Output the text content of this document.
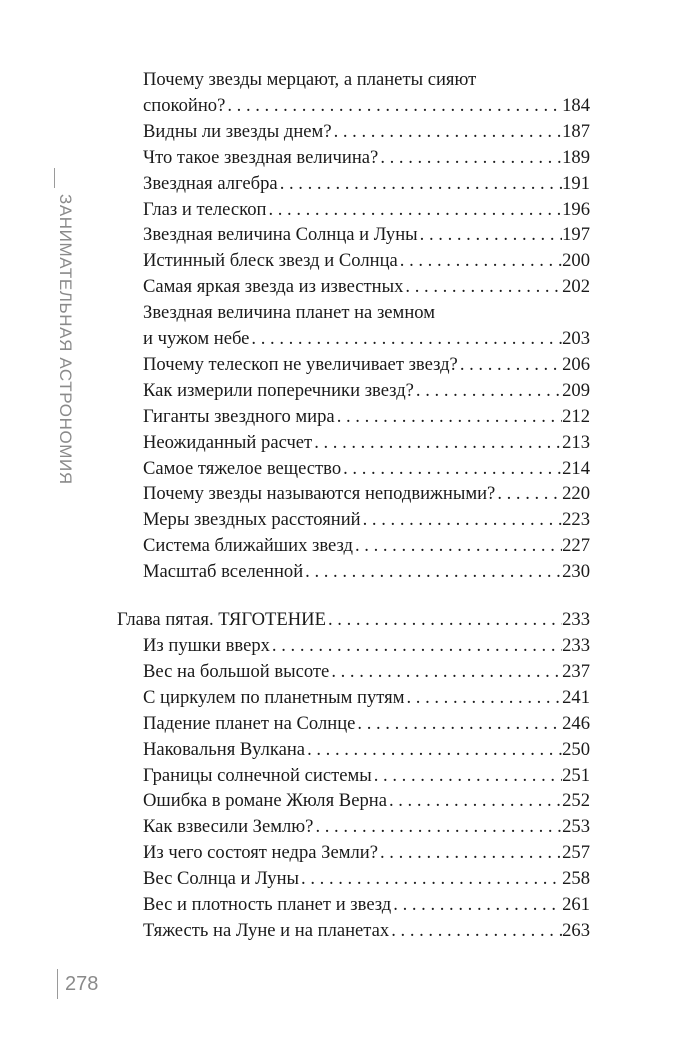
ЗАНИМАТЕЛЬНАЯ АСТРОНОМИЯ
278
Почему звезды мерцают, а планеты сияют
спокойно? . . .	184
Видны ли звезды днем? . . .	187
Что такое звездная величина? . . .	189
Звездная алгебра . . .	191
Глаз и телескоп . . .	196
Звездная величина Солнца и Луны . . .	197
Истинный блеск звезд и Солнца . . .	200
Самая яркая звезда из известных . . .	202
Звездная величина планет на земном
и чужом небе . . .	203
Почему телескоп не увеличивает звезд? . . .	206
Как измерили поперечники звезд? . . .	209
Гиганты звездного мира . . .	212
Неожиданный расчет . . .	213
Самое тяжелое вещество . . .	214
Почему звезды называются неподвижными? . . .	220
Меры звездных расстояний . . .	223
Система ближайших звезд . . .	227
Масштаб вселенной . . .	230
Глава пятая. ТЯГОТЕНИЕ . . .	233
Из пушки вверх . . .	233
Вес на большой высоте . . .	237
С циркулем по планетным путям . . .	241
Падение планет на Солнце . . .	246
Наковальня Вулкана . . .	250
Границы солнечной системы . . .	251
Ошибка в романе Жюля Верна . . .	252
Как взвесили Землю? . . .	253
Из чего состоят недра Земли? . . .	257
Вес Солнца и Луны . . .	258
Вес и плотность планет и звезд . . .	261
Тяжесть на Луне и на планетах . . .	263
